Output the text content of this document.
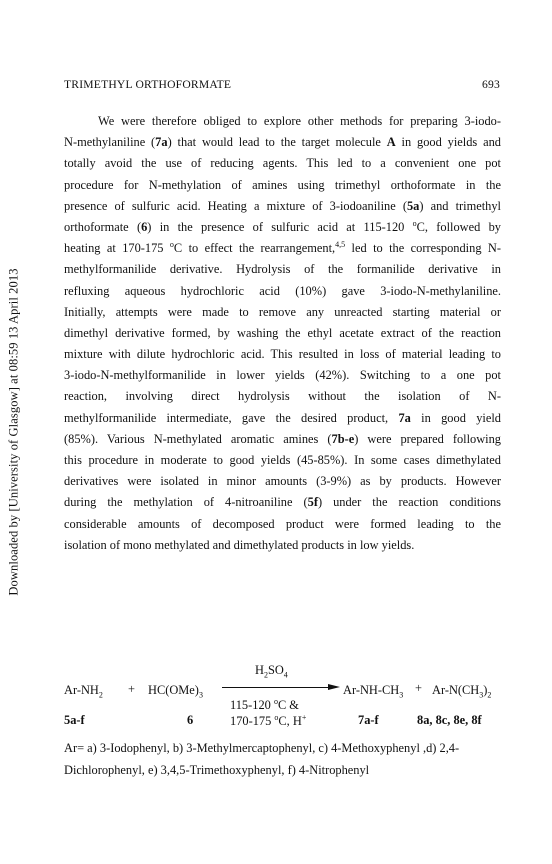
TRIMETHYL ORTHOFORMATE	693
Downloaded by [University of Glasgow] at 08:59 13 April 2013
We were therefore obliged to explore other methods for preparing 3-iodo-
N-methylaniline (7a) that would lead to the target molecule A in good yields and
totally avoid the use of reducing agents. This led to a convenient one pot
procedure for N-methylation of amines using trimethyl orthoformate in the
presence of sulfuric acid. Heating a mixture of 3-iodoaniline (5a) and trimethyl
orthoformate (6) in the presence of sulfuric acid at 115-120 $^o$C, followed by
heating at 170-175 $^o$C to effect the rearrangement,$^{4,5}$ led to the corresponding N-
methylformanilide derivative. Hydrolysis of the formanilide derivative in
refluxing aqueous hydrochloric acid (10%) gave 3-iodo-N-methylaniline.
Initially, attempts were made to remove any unreacted starting material or
dimethyl derivative formed, by washing the ethyl acetate extract of the reaction
mixture with dilute hydrochloric acid. This resulted in loss of material leading to
3-iodo-N-methylformanilide in lower yields (42%). Switching to a one pot
reaction, involving direct hydrolysis without the isolation of N-
methylformanilide intermediate, gave the desired product, 7a in good yield
(85%). Various N-methylated aromatic amines (7b-e) were prepared following
this procedure in moderate to good yields (45-85%). In some cases dimethylated
derivatives were isolated in minor amounts (3-9%) as by products. However
during the methylation of 4-nitroaniline (5f) under the reaction conditions
considerable amounts of decomposed product were formed leading to the
isolation of mono methylated and dimethylated products in low yields.
$Ar-NH_2 + HC(OMe)_3$
$H_2SO_4$
115-120 $^o$C &
170-175 $^o$C, H+
$Ar-NH-CH_3 + Ar-N(CH_3)_2$
5a-f	6	7a-f	8a, 8c, 8e, 8f
Ar= a) 3-Iodophenyl, b) 3-Methylmercaptophenyl, c) 4-Methoxyphenyl ,d) 2,4-
Dichlorophenyl, e) 3,4,5-Trimethoxyphenyl, f) 4-Nitrophenyl
